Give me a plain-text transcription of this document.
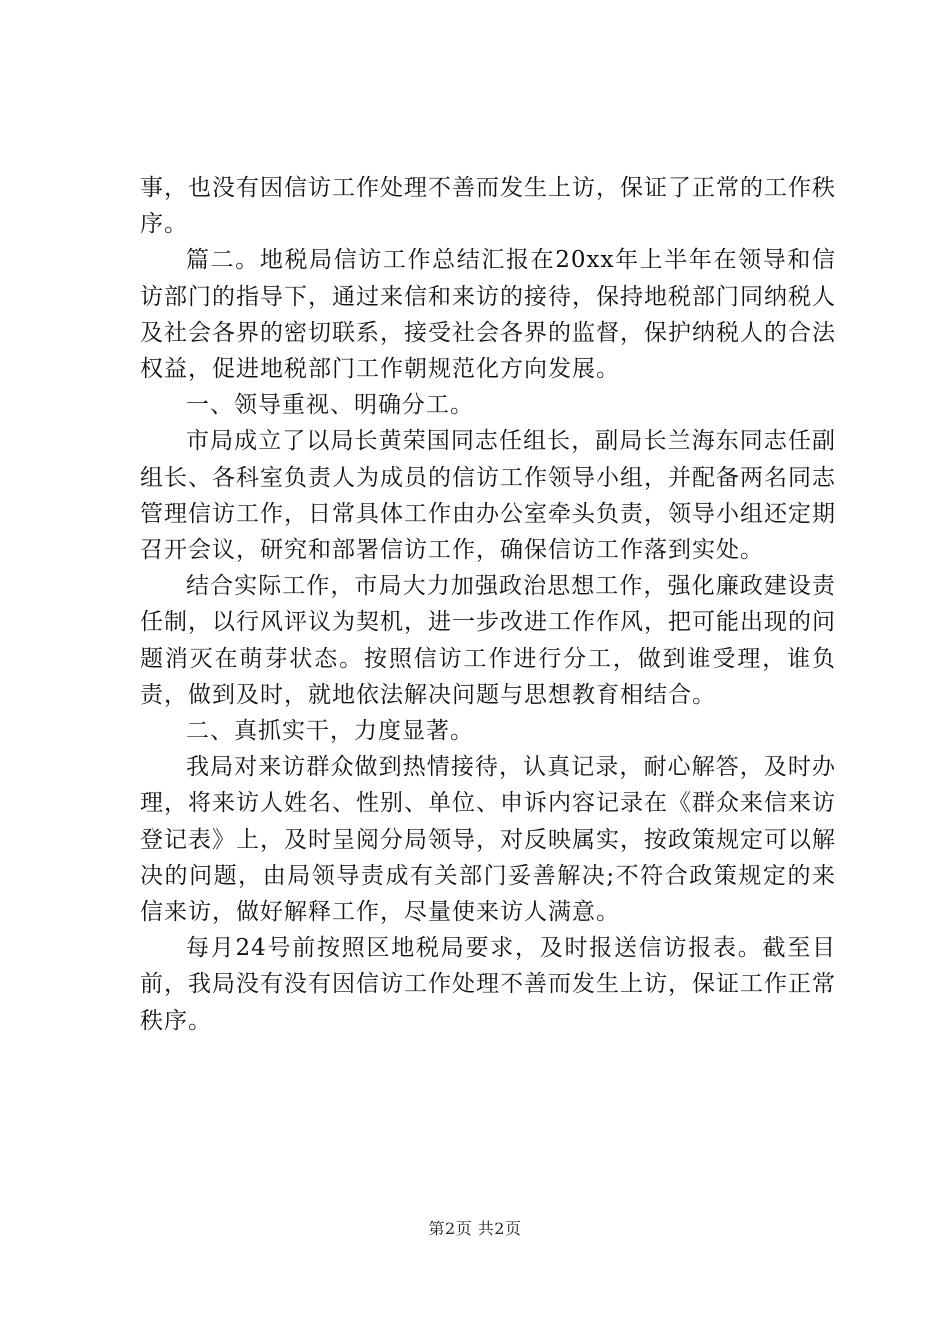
事，也没有因信访工作处理不善而发生上访，保证了正常的工作秩序。

篇二。地税局信访工作总结汇报在20xx年上半年在领导和信访部门的指导下，通过来信和来访的接待，保持地税部门同纳税人及社会各界的密切联系，接受社会各界的监督，保护纳税人的合法权益，促进地税部门工作朝规范化方向发展。

一、领导重视、明确分工。

市局成立了以局长黄荣国同志任组长，副局长兰海东同志任副组长、各科室负责人为成员的信访工作领导小组，并配备两名同志管理信访工作，日常具体工作由办公室牵头负责，领导小组还定期召开会议，研究和部署信访工作，确保信访工作落到实处。

结合实际工作，市局大力加强政治思想工作，强化廉政建设责任制，以行风评议为契机，进一步改进工作作风，把可能出现的问题消灭在萌芽状态。按照信访工作进行分工，做到谁受理，谁负责，做到及时，就地依法解决问题与思想教育相结合。

二、真抓实干，力度显著。

我局对来访群众做到热情接待，认真记录，耐心解答，及时办理，将来访人姓名、性别、单位、申诉内容记录在《群众来信来访登记表》上，及时呈阅分局领导，对反映属实，按政策规定可以解决的问题，由局领导责成有关部门妥善解决;不符合政策规定的来信来访，做好解释工作，尽量使来访人满意。

每月24号前按照区地税局要求，及时报送信访报表。截至目前，我局没有没有因信访工作处理不善而发生上访，保证工作正常秩序。

第2页 共2页
